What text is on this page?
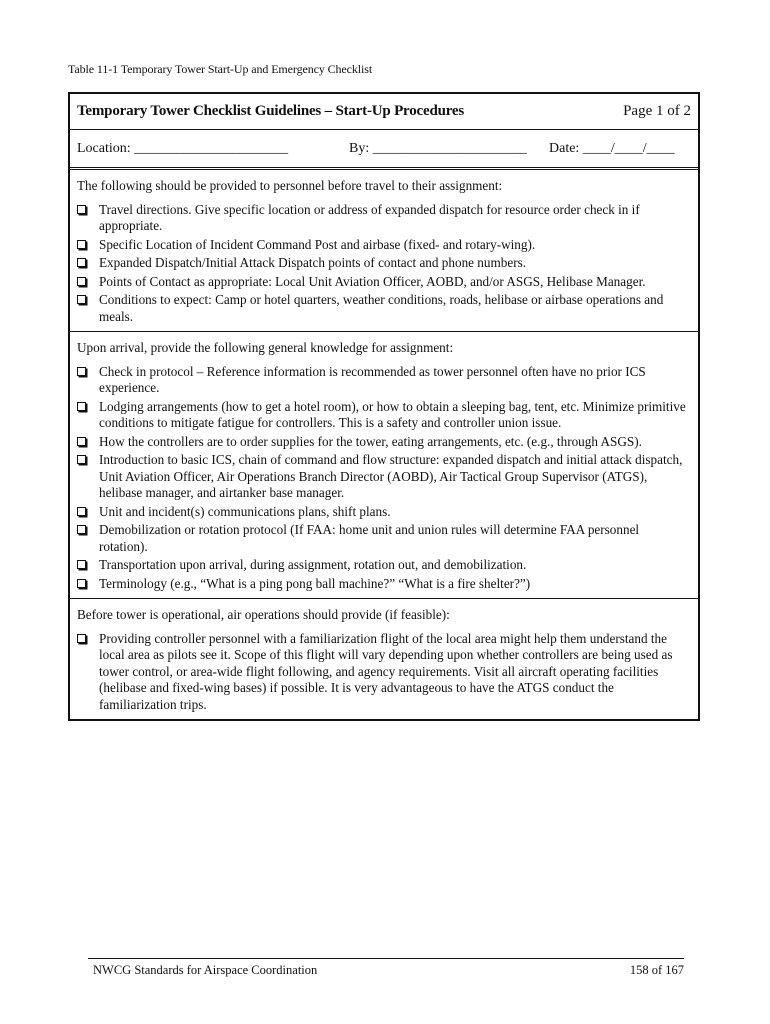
Table 11-1 Temporary Tower Start-Up and Emergency Checklist
Temporary Tower Checklist Guidelines – Start-Up Procedures	Page 1 of 2
Location: ______________________	By: ______________________	Date: ____/____/____
The following should be provided to personnel before travel to their assignment:
Travel directions. Give specific location or address of expanded dispatch for resource order check in if appropriate.
Specific Location of Incident Command Post and airbase (fixed- and rotary-wing).
Expanded Dispatch/Initial Attack Dispatch points of contact and phone numbers.
Points of Contact as appropriate: Local Unit Aviation Officer, AOBD, and/or ASGS, Helibase Manager.
Conditions to expect: Camp or hotel quarters, weather conditions, roads, helibase or airbase operations and meals.
Upon arrival, provide the following general knowledge for assignment:
Check in protocol – Reference information is recommended as tower personnel often have no prior ICS experience.
Lodging arrangements (how to get a hotel room), or how to obtain a sleeping bag, tent, etc. Minimize primitive conditions to mitigate fatigue for controllers. This is a safety and controller union issue.
How the controllers are to order supplies for the tower, eating arrangements, etc. (e.g., through ASGS).
Introduction to basic ICS, chain of command and flow structure: expanded dispatch and initial attack dispatch, Unit Aviation Officer, Air Operations Branch Director (AOBD), Air Tactical Group Supervisor (ATGS), helibase manager, and airtanker base manager.
Unit and incident(s) communications plans, shift plans.
Demobilization or rotation protocol (If FAA: home unit and union rules will determine FAA personnel rotation).
Transportation upon arrival, during assignment, rotation out, and demobilization.
Terminology (e.g., “What is a ping pong ball machine?” “What is a fire shelter?”)
Before tower is operational, air operations should provide (if feasible):
Providing controller personnel with a familiarization flight of the local area might help them understand the local area as pilots see it. Scope of this flight will vary depending upon whether controllers are being used as tower control, or area-wide flight following, and agency requirements. Visit all aircraft operating facilities (helibase and fixed-wing bases) if possible. It is very advantageous to have the ATGS conduct the familiarization trips.
NWCG Standards for Airspace Coordination	158 of 167
